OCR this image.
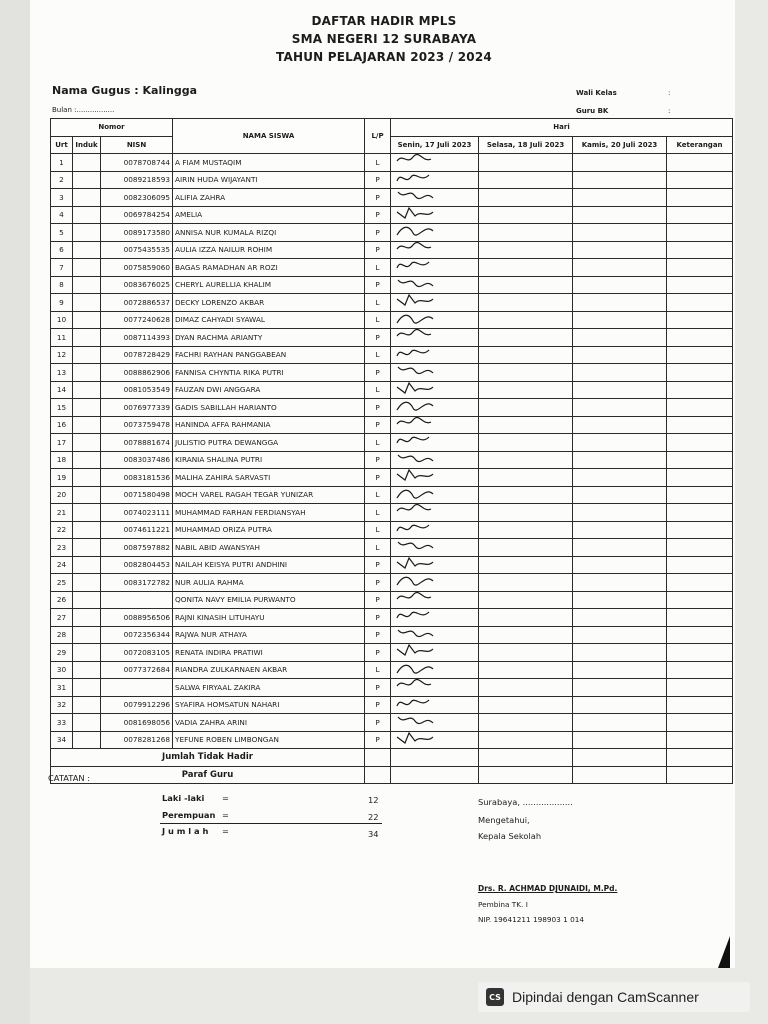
DAFTAR HADIR MPLS
SMA NEGERI 12 SURABAYA
TAHUN PELAJARAN 2023 / 2024
Nama Gugus : Kalingga
Bulan :.................
Wali Kelas	:
Guru BK	:
Nomor			NAMA SISWA	L/P	Hari			
Urt	Induk	NISN			Senin, 17 Juli 2023	Selasa, 18 Juli 2023	Kamis, 20 Juli 2023	Keterangan
1		0078708744	A FIAM MUSTAQIM	L	

2		0089218593	AIRIN HUDA WIJAYANTI	P	

3		0082306095	ALIFIA ZAHRA	P	

4		0069784254	AMELIA	P	

5		0089173580	ANNISA NUR KUMALA RIZQI	P	

6		0075435535	AULIA IZZA NAILUR ROHIM	P	

7		0075859060	BAGAS RAMADHAN AR ROZI	L	

8		0083676025	CHERYL AURELLIA KHALIM	P	

9		0072886537	DECKY LORENZO AKBAR	L	

10		0077240628	DIMAZ CAHYADI SYAWAL	L	

11		0087114393	DYAN RACHMA ARIANTY	P	

12		0078728429	FACHRI RAYHAN PANGGABEAN	L	

13		0088862906	FANNISA CHYNTIA RIKA PUTRI	P	

14		0081053549	FAUZAN DWI ANGGARA	L	

15		0076977339	GADIS SABILLAH HARIANTO	P	

16		0073759478	HANINDA AFFA RAHMANIA	P	

17		0078881674	JULISTIO PUTRA DEWANGGA	L	

18		0083037486	KIRANIA SHALINA PUTRI	P	

19		0083181536	MALIHA ZAHIRA SARVASTI	P	

20		0071580498	MOCH VAREL RAGAH TEGAR YUNIZAR	L	

21		0074023111	MUHAMMAD FARHAN FERDIANSYAH	L	

22		0074611221	MUHAMMAD ORIZA PUTRA	L	

23		0087597882	NABIL ABID AWANSYAH	L	

24		0082804453	NAILAH KEISYA PUTRI ANDHINI	P	

25		0083172782	NUR AULIA RAHMA	P	

26			QONITA NAVY EMILIA PURWANTO	P	

27		0088956506	RAJNI KINASIH LITUHAYU	P	

28		0072356344	RAJWA NUR ATHAYA	P	

29		0072083105	RENATA INDIRA PRATIWI	P	

30		0077372684	RIANDRA ZULKARNAEN AKBAR	L	

31			SALWA FIRYAAL ZAKIRA	P	

32		0079912296	SYAFIRA HOMSATUN NAHARI	P	

33		0081698056	VADIA ZAHRA ARINI	P	

34		0078281268	YEFUNE ROBEN LIMBONGAN	P	

Jumlah Tidak Hadir								
Paraf Guru								
CATATAN :
Laki -laki =	12
Perempuan =	22
J u m l a h =	34
Surabaya, ...................
Mengetahui,
Kepala Sekolah
Drs. R. ACHMAD DJUNAIDI, M.Pd.
Pembina TK. I
NIP. 19641211 198903 1 014
CS Dipindai dengan CamScanner
